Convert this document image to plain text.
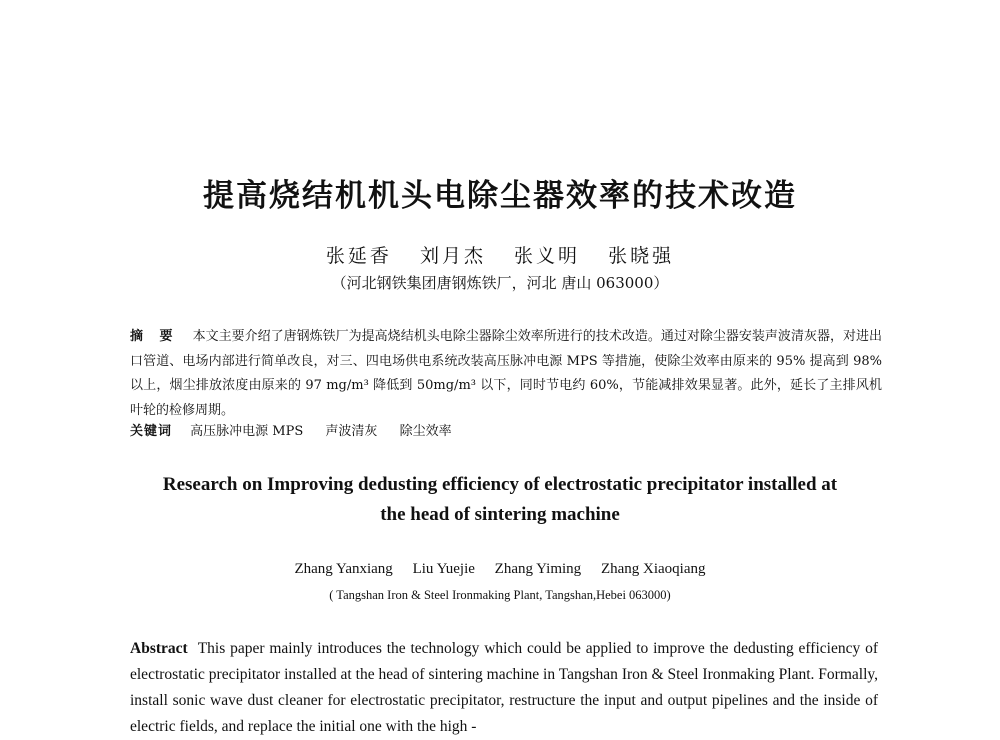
提高烧结机机头电除尘器效率的技术改造
张延香 刘月杰 张义明 张晓强
（河北钢铁集团唐钢炼铁厂，河北 唐山 063000）
摘 要 本文主要介绍了唐钢炼铁厂为提高烧结机头电除尘器除尘效率所进行的技术改造。通过对除尘器安装声波清灰器，对进出口管道、电场内部进行简单改良，对三、四电场供电系统改装高压脉冲电源 MPS 等措施，使除尘效率由原来的 95% 提高到 98% 以上，烟尘排放浓度由原来的 97 mg/m³ 降低到 50mg/m³ 以下，同时节电约 60%，节能减排效果显著。此外，延长了主排风机叶轮的检修周期。
关键词 高压脉冲电源 MPS 声波清灰 除尘效率
Research on Improving dedusting efficiency of electrostatic precipitator installed at the head of sintering machine
Zhang Yanxiang Liu Yuejie Zhang Yiming Zhang Xiaoqiang
( Tangshan Iron & Steel Ironmaking Plant, Tangshan,Hebei 063000)
Abstract This paper mainly introduces the technology which could be applied to improve the dedusting efficiency of electrostatic precipitator installed at the head of sintering machine in Tangshan Iron & Steel Ironmaking Plant. Formally, install sonic wave dust cleaner for electrostatic precipitator, restructure the input and output pipelines and the inside of electric fields, and replace the initial one with the high -
